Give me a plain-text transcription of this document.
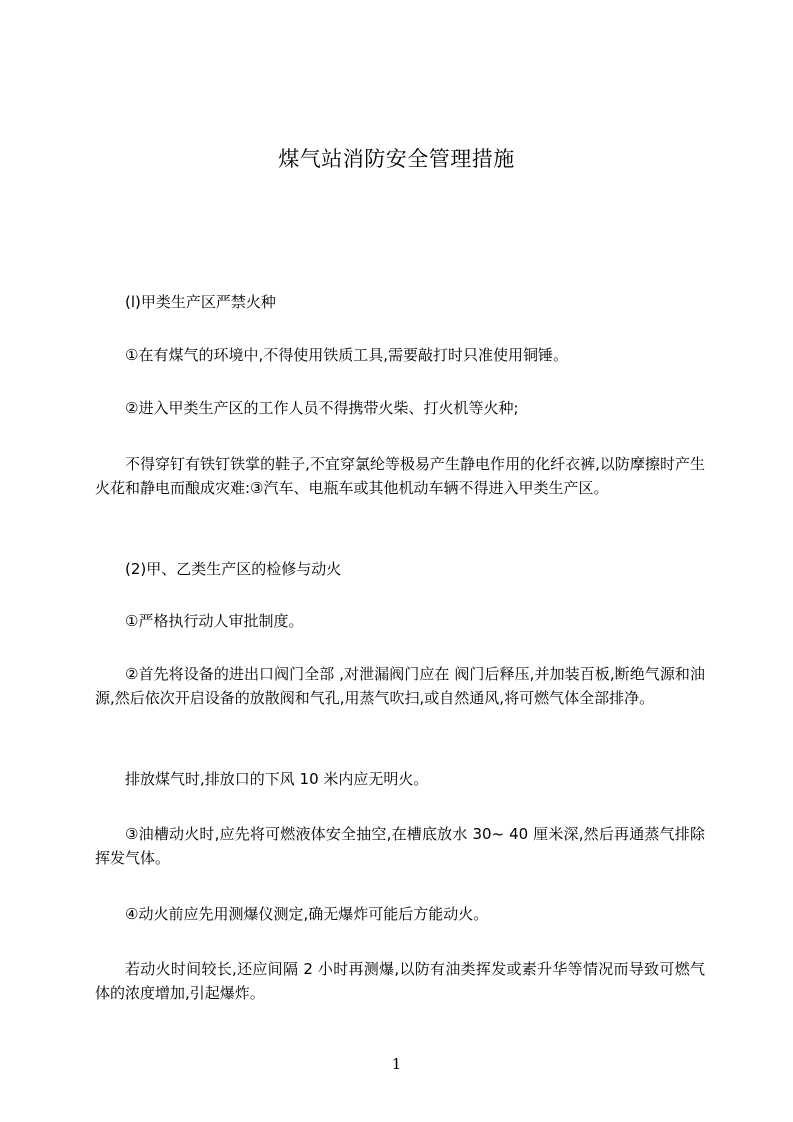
煤气站消防安全管理措施

(l)甲类生产区严禁火种

①在有煤气的环境中,不得使用铁质工具,需要敲打时只准使用铜锤。

②进入甲类生产区的工作人员不得携带火柴、打火机等火种;

不得穿钉有铁钉铁掌的鞋子,不宜穿氯纶等极易产生静电作用的化纤衣裤,以防摩擦时产生火花和静电而酿成灾难:③汽车、电瓶车或其他机动车辆不得进入甲类生产区。

(2)甲、乙类生产区的检修与动火

①严格执行动人审批制度。

②首先将设备的进出口阀门全部 ,对泄漏阀门应在 阀门后释压,并加装百板,断绝气源和油源,然后依次开启设备的放散阀和气孔,用蒸气吹扫,或自然通风,将可燃气体全部排净。

排放煤气时,排放口的下风 10 米内应无明火。

③油槽动火时,应先将可燃液体安全抽空,在槽底放水 30~ 40 厘米深,然后再通蒸气排除挥发气体。

④动火前应先用测爆仪测定,确无爆炸可能后方能动火。

若动火时间较长,还应间隔 2 小时再测爆,以防有油类挥发或素升华等情况而导致可燃气体的浓度增加,引起爆炸。

1
